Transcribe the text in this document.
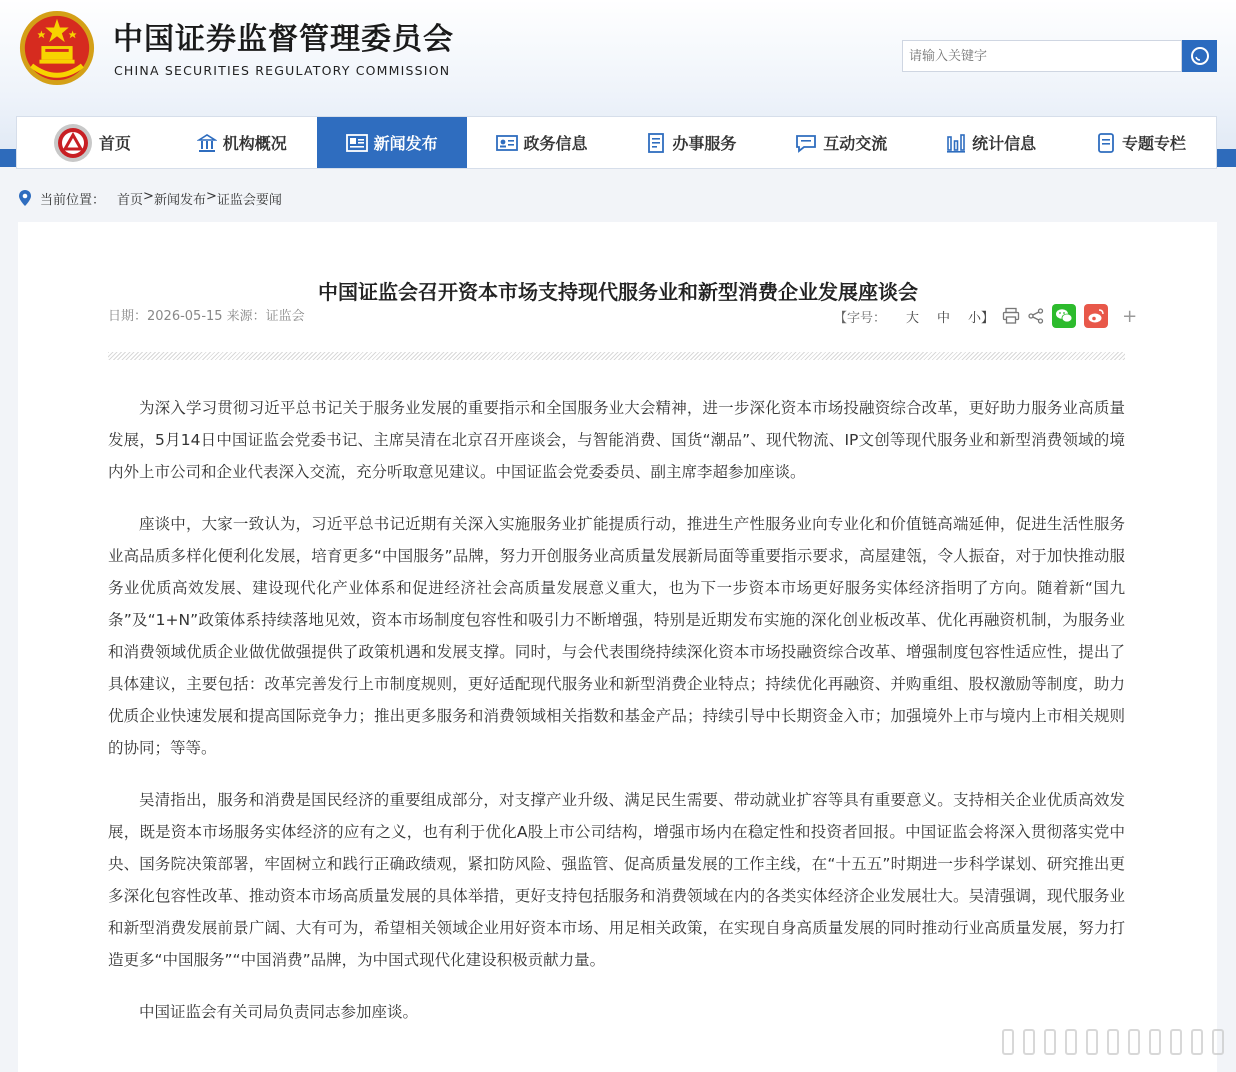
中国证券监督管理委员会
CHINA SECURITIES REGULATORY COMMISSION
请输入关键字
首页	机构概况	新闻发布	政务信息	办事服务	互动交流	统计信息	专题专栏
当前位置： 首页 > 新闻发布 > 证监会要闻
中国证监会召开资本市场支持现代服务业和新型消费企业发展座谈会
日期：2026-05-15 来源：证监会	【字号： 大 中 小】	+

为深入学习贯彻习近平总书记关于服务业发展的重要指示和全国服务业大会精神，进一步深化资本市场投融资综合改革，更好助力服务业高质量发展，5月14日中国证监会党委书记、主席吴清在北京召开座谈会，与智能消费、国货“潮品”、现代物流、IP文创等现代服务业和新型消费领域的境内外上市公司和企业代表深入交流，充分听取意见建议。中国证监会党委委员、副主席李超参加座谈。

座谈中，大家一致认为，习近平总书记近期有关深入实施服务业扩能提质行动，推进生产性服务业向专业化和价值链高端延伸，促进生活性服务业高品质多样化便利化发展，培育更多“中国服务”品牌，努力开创服务业高质量发展新局面等重要指示要求，高屋建瓴，令人振奋，对于加快推动服务业优质高效发展、建设现代化产业体系和促进经济社会高质量发展意义重大，也为下一步资本市场更好服务实体经济指明了方向。随着新“国九条”及“1+N”政策体系持续落地见效，资本市场制度包容性和吸引力不断增强，特别是近期发布实施的深化创业板改革、优化再融资机制，为服务业和消费领域优质企业做优做强提供了政策机遇和发展支撑。同时，与会代表围绕持续深化资本市场投融资综合改革、增强制度包容性适应性，提出了具体建议，主要包括：改革完善发行上市制度规则，更好适配现代服务业和新型消费企业特点；持续优化再融资、并购重组、股权激励等制度，助力优质企业快速发展和提高国际竞争力；推出更多服务和消费领域相关指数和基金产品；持续引导中长期资金入市；加强境外上市与境内上市相关规则的协同；等等。

吴清指出，服务和消费是国民经济的重要组成部分，对支撑产业升级、满足民生需要、带动就业扩容等具有重要意义。支持相关企业优质高效发展，既是资本市场服务实体经济的应有之义，也有利于优化A股上市公司结构，增强市场内在稳定性和投资者回报。中国证监会将深入贯彻落实党中央、国务院决策部署，牢固树立和践行正确政绩观，紧扣防风险、强监管、促高质量发展的工作主线，在“十五五”时期进一步科学谋划、研究推出更多深化包容性改革、推动资本市场高质量发展的具体举措，更好支持包括服务和消费领域在内的各类实体经济企业发展壮大。吴清强调，现代服务业和新型消费发展前景广阔、大有可为，希望相关领域企业用好资本市场、用足相关政策，在实现自身高质量发展的同时推动行业高质量发展，努力打造更多“中国服务”“中国消费”品牌，为中国式现代化建设积极贡献力量。

中国证监会有关司局负责同志参加座谈。
